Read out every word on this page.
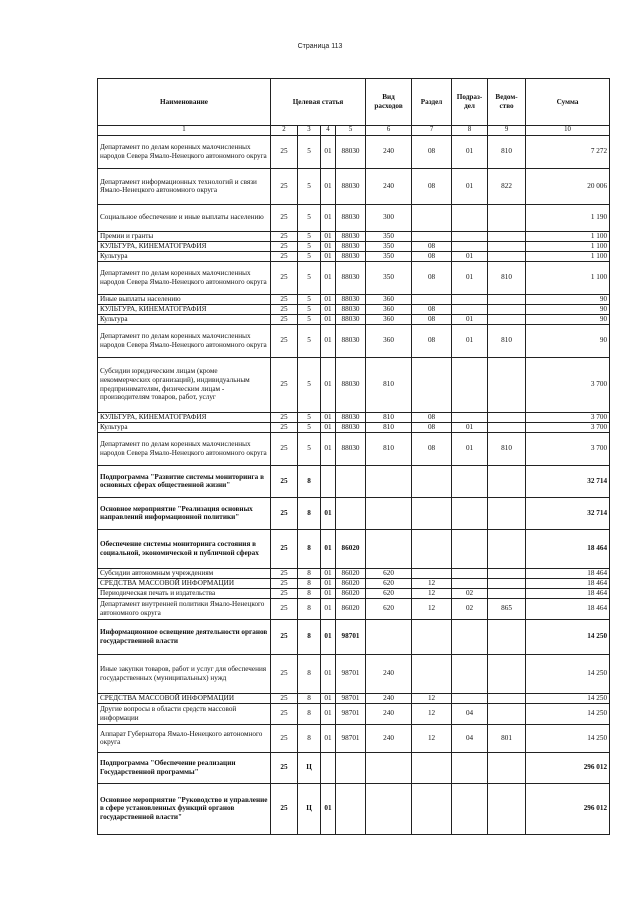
Страница 113
Наименование	Целевая статья				Вид расходов	Раздел	Подраз-дел	Ведом-ство	Сумма
1	2	3	4	5	6	7	8	9	10
Департамент по делам коренных малочисленных народов Севера Ямало-Ненецкого автономного округа	25	5	01	88030	240	08	01	810	7 272
Департамент информационных технологий и связи Ямало-Ненецкого автономного округа	25	5	01	88030	240	08	01	822	20 006
Социальное обеспечение и иные выплаты населению	25	5	01	88030	300				1 190
Премии и гранты	25	5	01	88030	350				1 100
КУЛЬТУРА, КИНЕМАТОГРАФИЯ	25	5	01	88030	350	08			1 100
Культура	25	5	01	88030	350	08	01		1 100
Департамент по делам коренных малочисленных народов Севера Ямало-Ненецкого автономного округа	25	5	01	88030	350	08	01	810	1 100
Иные выплаты населению	25	5	01	88030	360				90
КУЛЬТУРА, КИНЕМАТОГРАФИЯ	25	5	01	88030	360	08			90
Культура	25	5	01	88030	360	08	01		90
Департамент по делам коренных малочисленных народов Севера Ямало-Ненецкого автономного округа	25	5	01	88030	360	08	01	810	90
Субсидии юридическим лицам (кроме некоммерческих организаций), индивидуальным предпринимателям, физическим лицам - производителям товаров, работ, услуг	25	5	01	88030	810				3 700
КУЛЬТУРА, КИНЕМАТОГРАФИЯ	25	5	01	88030	810	08			3 700
Культура	25	5	01	88030	810	08	01		3 700
Департамент по делам коренных малочисленных народов Севера Ямало-Ненецкого автономного округа	25	5	01	88030	810	08	01	810	3 700
Подпрограмма "Развитие системы мониторинга в основных сферах общественной жизни"	25	8							32 714
Основное мероприятие "Реализация основных направлений информационной политики"	25	8	01						32 714
Обеспечение системы мониторинга состояния в социальной, экономической и публичной сферах	25	8	01	86020					18 464
Субсидии автономным учреждениям	25	8	01	86020	620				18 464
СРЕДСТВА МАССОВОЙ ИНФОРМАЦИИ	25	8	01	86020	620	12			18 464
Периодическая печать и издательства	25	8	01	86020	620	12	02		18 464
Департамент внутренней политики Ямало-Ненецкого автономного округа	25	8	01	86020	620	12	02	865	18 464
Информационное освещение деятельности органов государственной власти	25	8	01	98701					14 250
Иные закупки товаров, работ и услуг для обеспечения государственных (муниципальных) нужд	25	8	01	98701	240				14 250
СРЕДСТВА МАССОВОЙ ИНФОРМАЦИИ	25	8	01	98701	240	12			14 250
Другие вопросы в области средств массовой информации	25	8	01	98701	240	12	04		14 250
Аппарат Губернатора Ямало-Ненецкого автономного округа	25	8	01	98701	240	12	04	801	14 250
Подпрограмма "Обеспечение реализации Государственной программы"	25	Ц							296 012
Основное мероприятие "Руководство и управление в сфере установленных функций органов государственной власти"	25	Ц	01						296 012
